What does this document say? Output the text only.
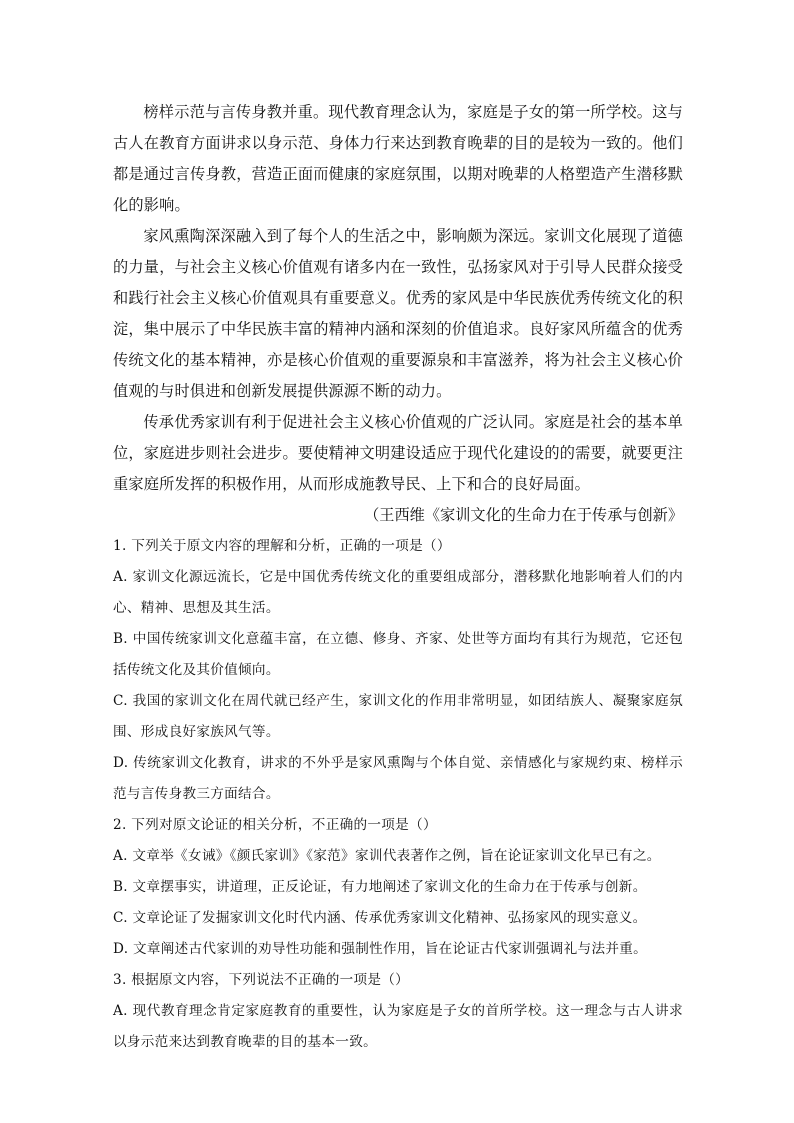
榜样示范与言传身教并重。现代教育理念认为，家庭是子女的第一所学校。这与古人在教育方面讲求以身示范、身体力行来达到教育晚辈的目的是较为一致的。他们都是通过言传身教，营造正面而健康的家庭氛围，以期对晚辈的人格塑造产生潜移默化的影响。

家风熏陶深深融入到了每个人的生活之中，影响颇为深远。家训文化展现了道德的力量，与社会主义核心价值观有诸多内在一致性，弘扬家风对于引导人民群众接受和践行社会主义核心价值观具有重要意义。优秀的家风是中华民族优秀传统文化的积淀，集中展示了中华民族丰富的精神内涵和深刻的价值追求。良好家风所蕴含的优秀传统文化的基本精神，亦是核心价值观的重要源泉和丰富滋养，将为社会主义核心价值观的与时俱进和创新发展提供源源不断的动力。

传承优秀家训有利于促进社会主义核心价值观的广泛认同。家庭是社会的基本单位，家庭进步则社会进步。要使精神文明建设适应于现代化建设的的需要，就要更注重家庭所发挥的积极作用，从而形成施教导民、上下和合的良好局面。

（王西维《家训文化的生命力在于传承与创新》

1. 下列关于原文内容的理解和分析，正确的一项是（）

A. 家训文化源远流长，它是中国优秀传统文化的重要组成部分，潜移默化地影响着人们的内心、精神、思想及其生活。

B. 中国传统家训文化意蕴丰富，在立德、修身、齐家、处世等方面均有其行为规范，它还包括传统文化及其价值倾向。

C. 我国的家训文化在周代就已经产生，家训文化的作用非常明显，如团结族人、凝聚家庭氛围、形成良好家族风气等。

D. 传统家训文化教育，讲求的不外乎是家风熏陶与个体自觉、亲情感化与家规约束、榜样示范与言传身教三方面结合。

2. 下列对原文论证的相关分析，不正确的一项是（）

A. 文章举《女诫》《颜氏家训》《家范》家训代表著作之例，旨在论证家训文化早已有之。

B. 文章摆事实，讲道理，正反论证，有力地阐述了家训文化的生命力在于传承与创新。

C. 文章论证了发掘家训文化时代内涵、传承优秀家训文化精神、弘扬家风的现实意义。

D. 文章阐述古代家训的劝导性功能和强制性作用，旨在论证古代家训强调礼与法并重。

3. 根据原文内容，下列说法不正确的一项是（）

A. 现代教育理念肯定家庭教育的重要性，认为家庭是子女的首所学校。这一理念与古人讲求以身示范来达到教育晚辈的目的基本一致。
